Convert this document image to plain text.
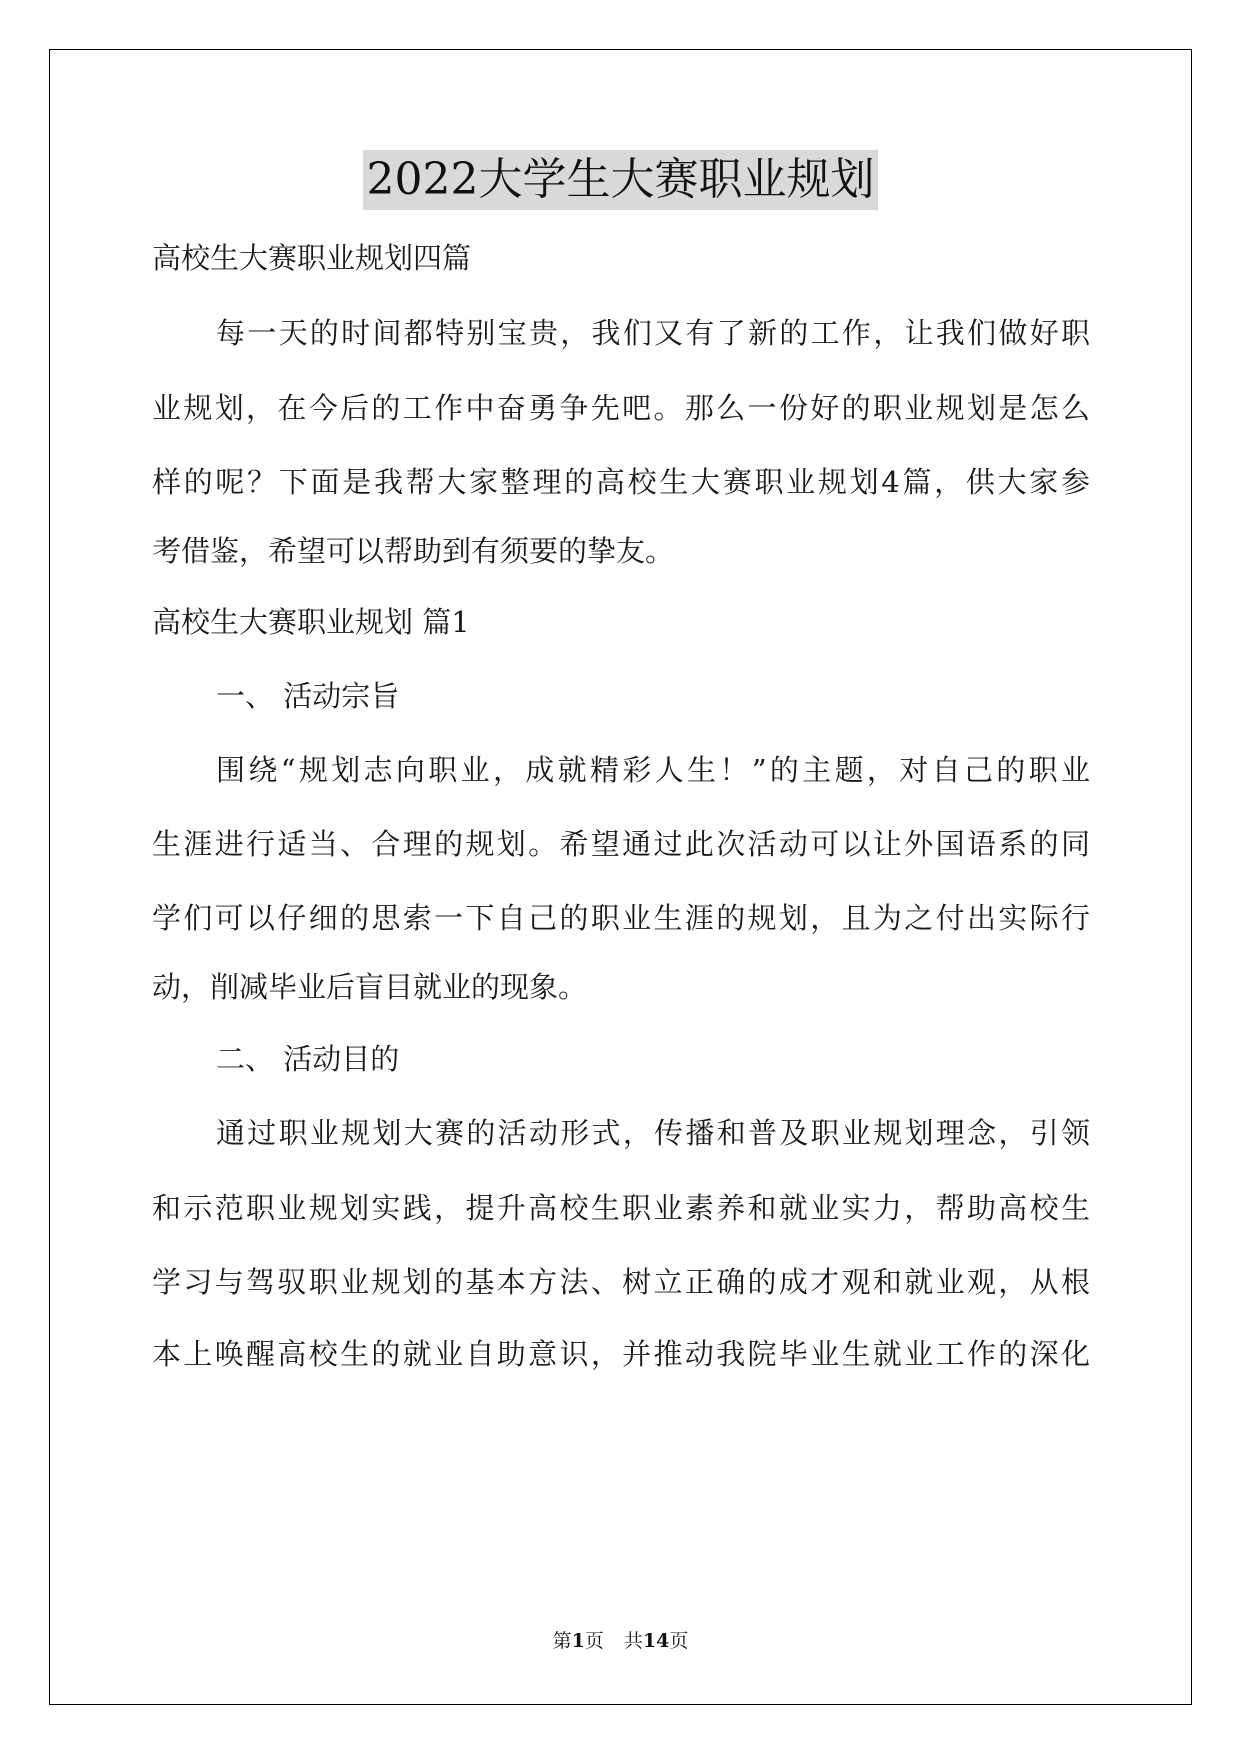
2022大学生大赛职业规划
高校生大赛职业规划四篇
每一天的时间都特别宝贵，我们又有了新的工作，让我们做好职
业规划，在今后的工作中奋勇争先吧。那么一份好的职业规划是怎么
样的呢？下面是我帮大家整理的高校生大赛职业规划4篇，供大家参
考借鉴，希望可以帮助到有须要的挚友。
高校生大赛职业规划 篇1
一、 活动宗旨
围绕“规划志向职业，成就精彩人生！”的主题，对自己的职业
生涯进行适当、合理的规划。希望通过此次活动可以让外国语系的同
学们可以仔细的思索一下自己的职业生涯的规划，且为之付出实际行
动，削减毕业后盲目就业的现象。
二、 活动目的
通过职业规划大赛的活动形式，传播和普及职业规划理念，引领
和示范职业规划实践，提升高校生职业素养和就业实力，帮助高校生
学习与驾驭职业规划的基本方法、树立正确的成才观和就业观，从根
本上唤醒高校生的就业自助意识，并推动我院毕业生就业工作的深化
第1页 共14页
